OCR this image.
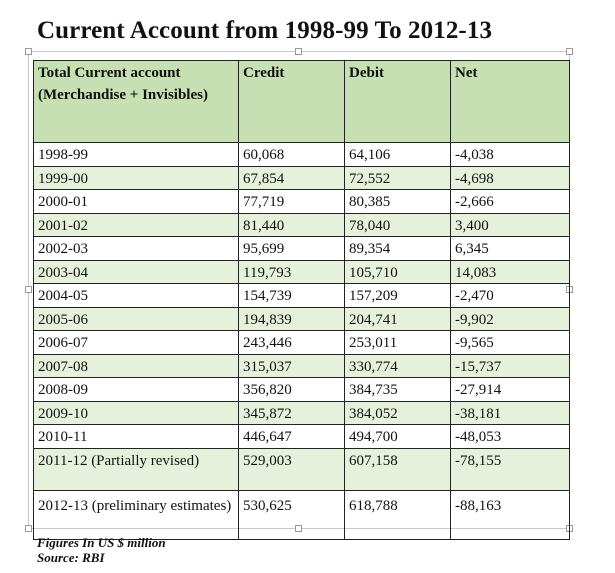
Current Account from 1998-99 To 2012-13
Total Current account (Merchandise + Invisibles)	Credit	Debit	Net
1998-99	60,068	64,106	-4,038
1999-00	67,854	72,552	-4,698
2000-01	77,719	80,385	-2,666
2001-02	81,440	78,040	3,400
2002-03	95,699	89,354	6,345
2003-04	119,793	105,710	14,083
2004-05	154,739	157,209	-2,470
2005-06	194,839	204,741	-9,902
2006-07	243,446	253,011	-9,565
2007-08	315,037	330,774	-15,737
2008-09	356,820	384,735	-27,914
2009-10	345,872	384,052	-38,181
2010-11	446,647	494,700	-48,053
2011-12 (Partially revised)	529,003	607,158	-78,155
2012-13 (preliminary estimates)	530,625	618,788	-88,163
Figures In US $ million
Source: RBI
